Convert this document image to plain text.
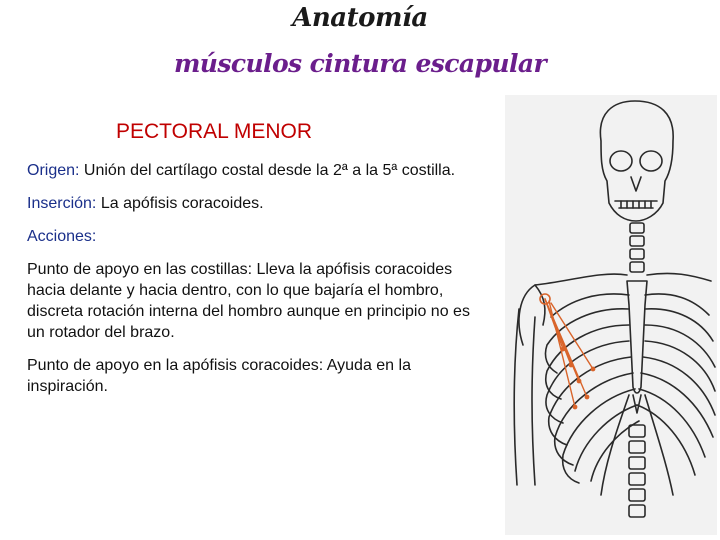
Anatomía
músculos cintura escapular
PECTORAL MENOR

Origen: Unión del cartílago costal desde la 2ª a la 5ª costilla.

Inserción: La apófisis coracoides.

Acciones:

Punto de apoyo en las costillas: Lleva la apófisis coracoides hacia delante y hacia dentro, con lo que bajaría el hombro, discreta rotación interna del hombro aunque en principio no es un rotador del brazo.

Punto de apoyo en la apófisis coracoides: Ayuda en la inspiración.
